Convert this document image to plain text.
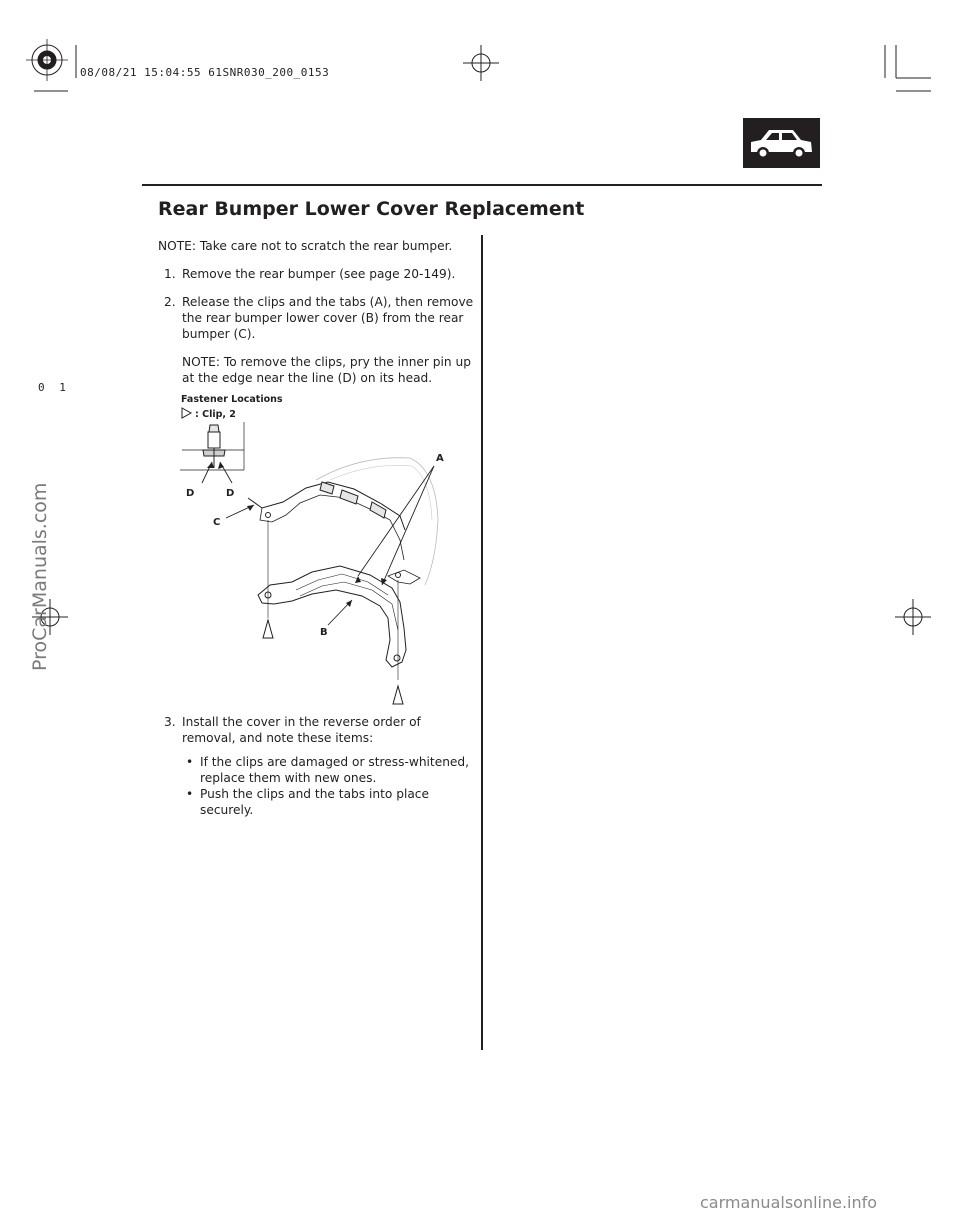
08/08/21 15:04:55 61SNR030_200_0153
Rear Bumper Lower Cover Replacement
NOTE: Take care not to scratch the rear bumper.
1. Remove the rear bumper (see page 20-149).
2. Release the clips and the tabs (A), then remove the rear bumper lower cover (B) from the rear bumper (C).
NOTE: To remove the clips, pry the inner pin up at the edge near the line (D) on its head.
Fastener Locations
: Clip, 2
A
D	D
C
B
3. Install the cover in the reverse order of removal, and note these items:
• If the clips are damaged or stress-whitened, replace them with new ones.
• Push the clips and the tabs into place securely.
0 1
ProCarManuals.com
carmanualsonline.info
